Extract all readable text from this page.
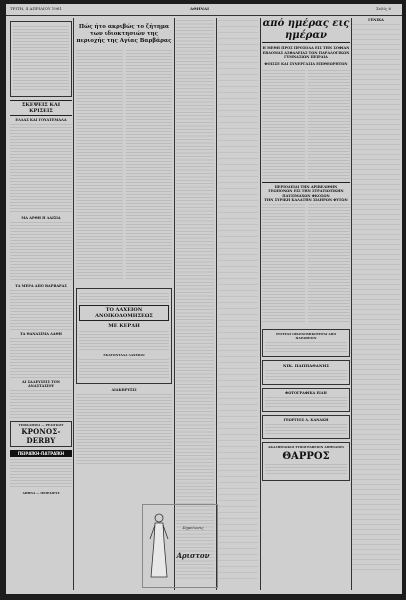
ΤΡΙΤΗ, 4 ΑΠΡΙΛΙΟΥ 1961	ΑΘΗΝΑΙ	Σελίς 6
ΣΚΕΨΕΙΣ ΚΑΙ ΚΡΙΣΕΙΣ
ΕΛΛΑΣ ΚΑΙ ΓΟΥΑΤΕΜΑΛΑ
ΜΑ ΑΡΘΗ Η ΛΑΙΣΙΑ
ΤΑ ΜΕΡΑ ΑΠΟ ΒΑΡΒΑΡΑΣ
ΤΑ ΘΑΝΑΣΙΜΑ ΛΑΘΗ
ΑΙ ΣΑΛΕΥΣΕΙΣ ΤΟΝ ΑΝΑΣΤΑΣΙΟΥ
ΥΠΟΚΑΜΙΣΑ — ΡΕΔΙΓΚΟΤ
ΚΡΟΝΟΣ-DERBY
ΠΕΙΡΑΪΚΗ-ΠΑΤΡΑΪΚΗ
ΑΘΗΝΑ — ΠΕΙΡΑΙΕΥΣ
Πώς ήτο ακριβώς το ζήτημα των ιδιοκτησιών της περιοχής της Αγίας Βαρβάρας
ΤΟ ΛΑΧΕΙΟΝ ΑΝΟΙΚΟΔΟΜΗΣΕΩΣ
ΜΕ ΚΕΡΔΗ
ΕΚΑΤΟΝΤΑΔΑ ΛΑΧΕΙΩΝ
ΔΙΑΚΗΡΥΞΙΣ
από ημέρας εις ημέραν
Η ΜΕΘΗ ΠΡΟΣ ΠΡΟΣΟΔΑ ΕΙΣ ΤΗΝ ΣΟΦΙΑΝ ΕΒΔΟΜΑΣ ΑΣΦΑΛΕΙΑΣ ΤΩΝ ΠΑΡΑΛΟΓΙΚΩΝ ΓΥΜΝΑΣΙΩΝ ΠΕΙΡΑΙΑ
ΦΟΙΣΣΕ ΚΑΙ ΣΥΝΕΡΓΑΣΙΑ ΕΠΙΘΕΩΡΗΤΩΝ
ΠΕΡΙΟΔΕΙΑΙ ΤΗΝ ΑΡΙΒΕΛΙΘΗΝ ΓΕΩΠΟΝΩΝ ΕΙΣ ΤΗΝ ΣΤΡΑΤΙΩΤΙΚΗΝ ΠΑΥΣΙΜΑΧΩΝ ΦΚΟΣΩΝ
ΤΗΝ ΣΥΡΙΚΗ ΚΑΛΑΤΗΝ ΣΙΔΗΡΩΝ ΦΥΤΩΝ
ΣΥΣΤΕΑΣ ΟΙΚΟΝΟΜΙΚΟΤΕΡΑΙ ΑΠΟ ΠΑΡΑΘΕΣΙΝ
ΝΙΚ. ΠΑΠΠΑΘΑΝΗΣ
ΦΩΤΟΓΡΑΦΙΚΑ ΕΙΔΗ
ΓΕΩΡΓΙΟΣ Δ. ΚΑΝΑΚΗ
ΑΚΑΔΗΜΑΙΚΟΙ ΤΥΠΟΓΡΑΦΕΙΟΝ ΑΘΗΝΑΙΟΝ
ΘΑΡΡΟΣ
ΓΕΝΙΚΑ
Σημείωσις
Αριστον
